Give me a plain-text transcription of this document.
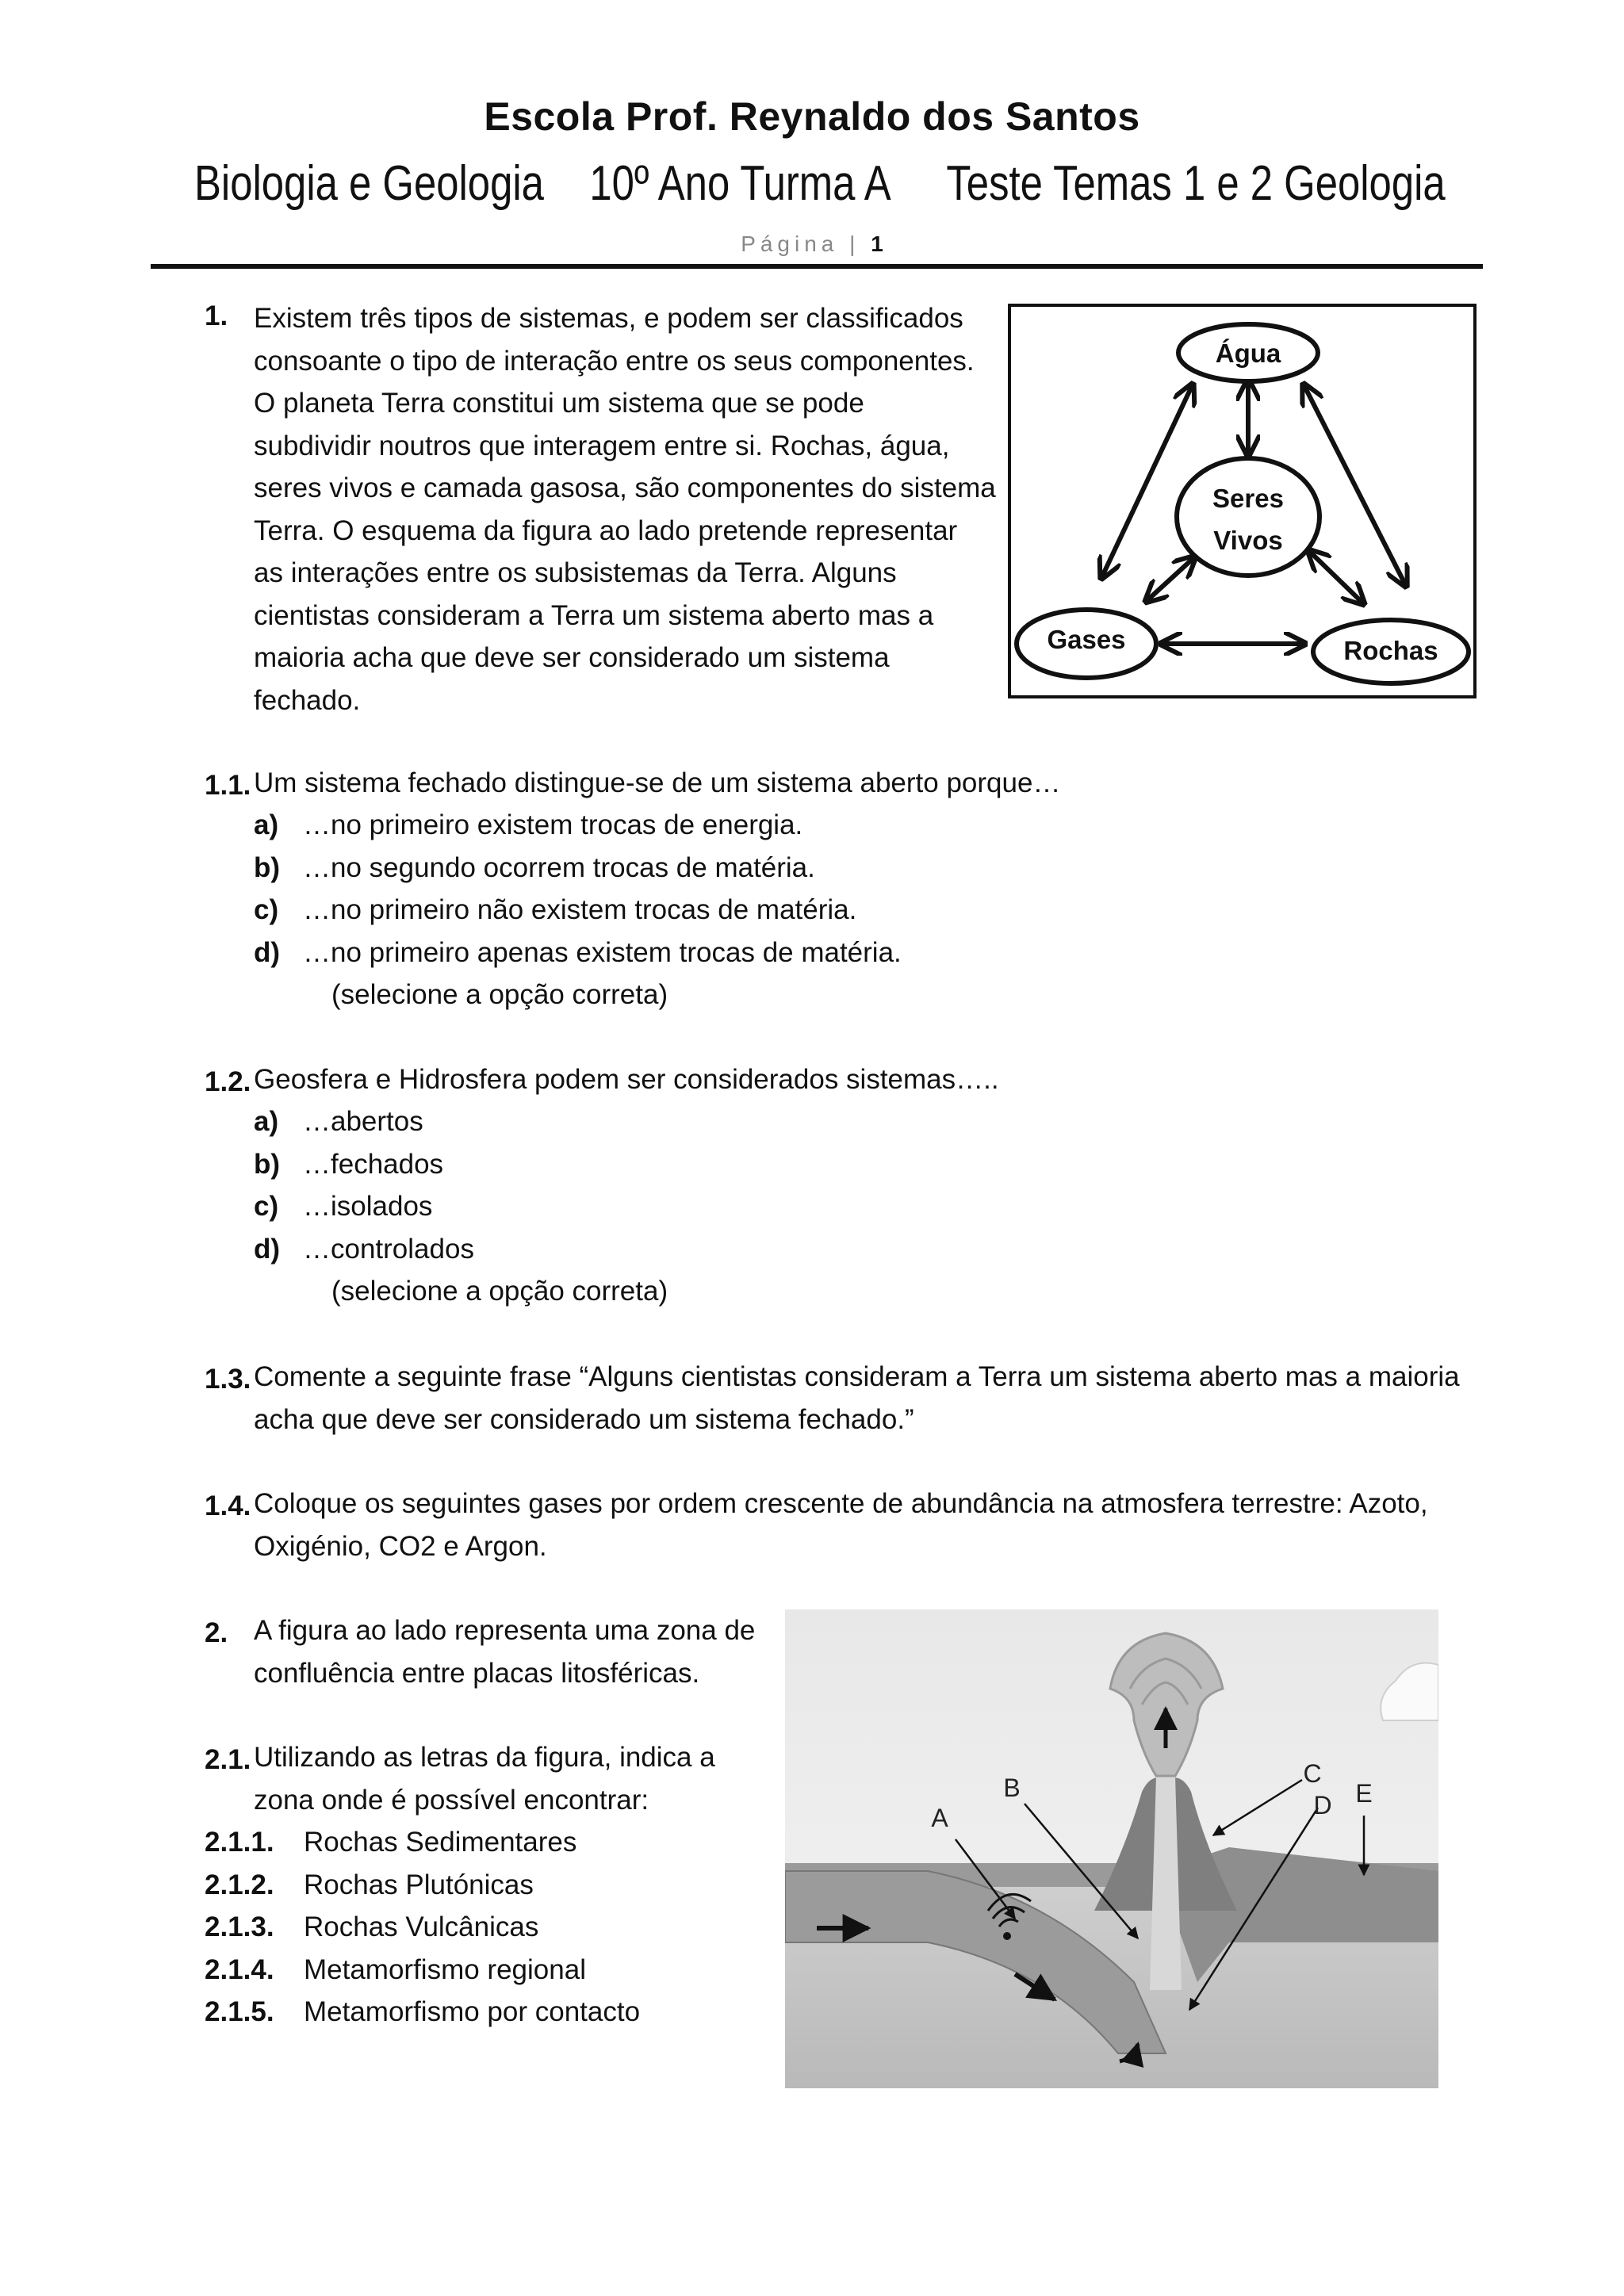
Escola Prof. Reynaldo dos Santos
Biologia e Geologia 10º Ano Turma A Teste Temas 1 e 2 Geologia
Página | 1
1. Existem três tipos de sistemas, e podem ser classificados
consoante o tipo de interação entre os seus componentes.
O planeta Terra constitui um sistema que se pode
subdividir noutros que interagem entre si. Rochas, água,
seres vivos e camada gasosa, são componentes do sistema
Terra. O esquema da figura ao lado pretende representar
as interações entre os subsistemas da Terra. Alguns
cientistas consideram a Terra um sistema aberto mas a
maioria acha que deve ser considerado um sistema
fechado.
Água
Seres
Vivos
Gases	Rochas
1.1. Um sistema fechado distingue-se de um sistema aberto porque…
a) …no primeiro existem trocas de energia.
b) …no segundo ocorrem trocas de matéria.
c) …no primeiro não existem trocas de matéria.
d) …no primeiro apenas existem trocas de matéria.
(selecione a opção correta)
1.2. Geosfera e Hidrosfera podem ser considerados sistemas…..
a) …abertos
b) …fechados
c) …isolados
d) …controlados
(selecione a opção correta)
1.3. Comente a seguinte frase “Alguns cientistas consideram a Terra um sistema aberto mas a maioria
acha que deve ser considerado um sistema fechado.”
1.4. Coloque os seguintes gases por ordem crescente de abundância na atmosfera terrestre: Azoto,
Oxigénio, CO2 e Argon.
2. A figura ao lado representa uma zona de
confluência entre placas litosféricas.
2.1. Utilizando as letras da figura, indica a
zona onde é possível encontrar:
2.1.1. Rochas Sedimentares
2.1.2. Rochas Plutónicas
2.1.3. Rochas Vulcânicas
2.1.4. Metamorfismo regional
2.1.5. Metamorfismo por contacto
A
B	C
D E
